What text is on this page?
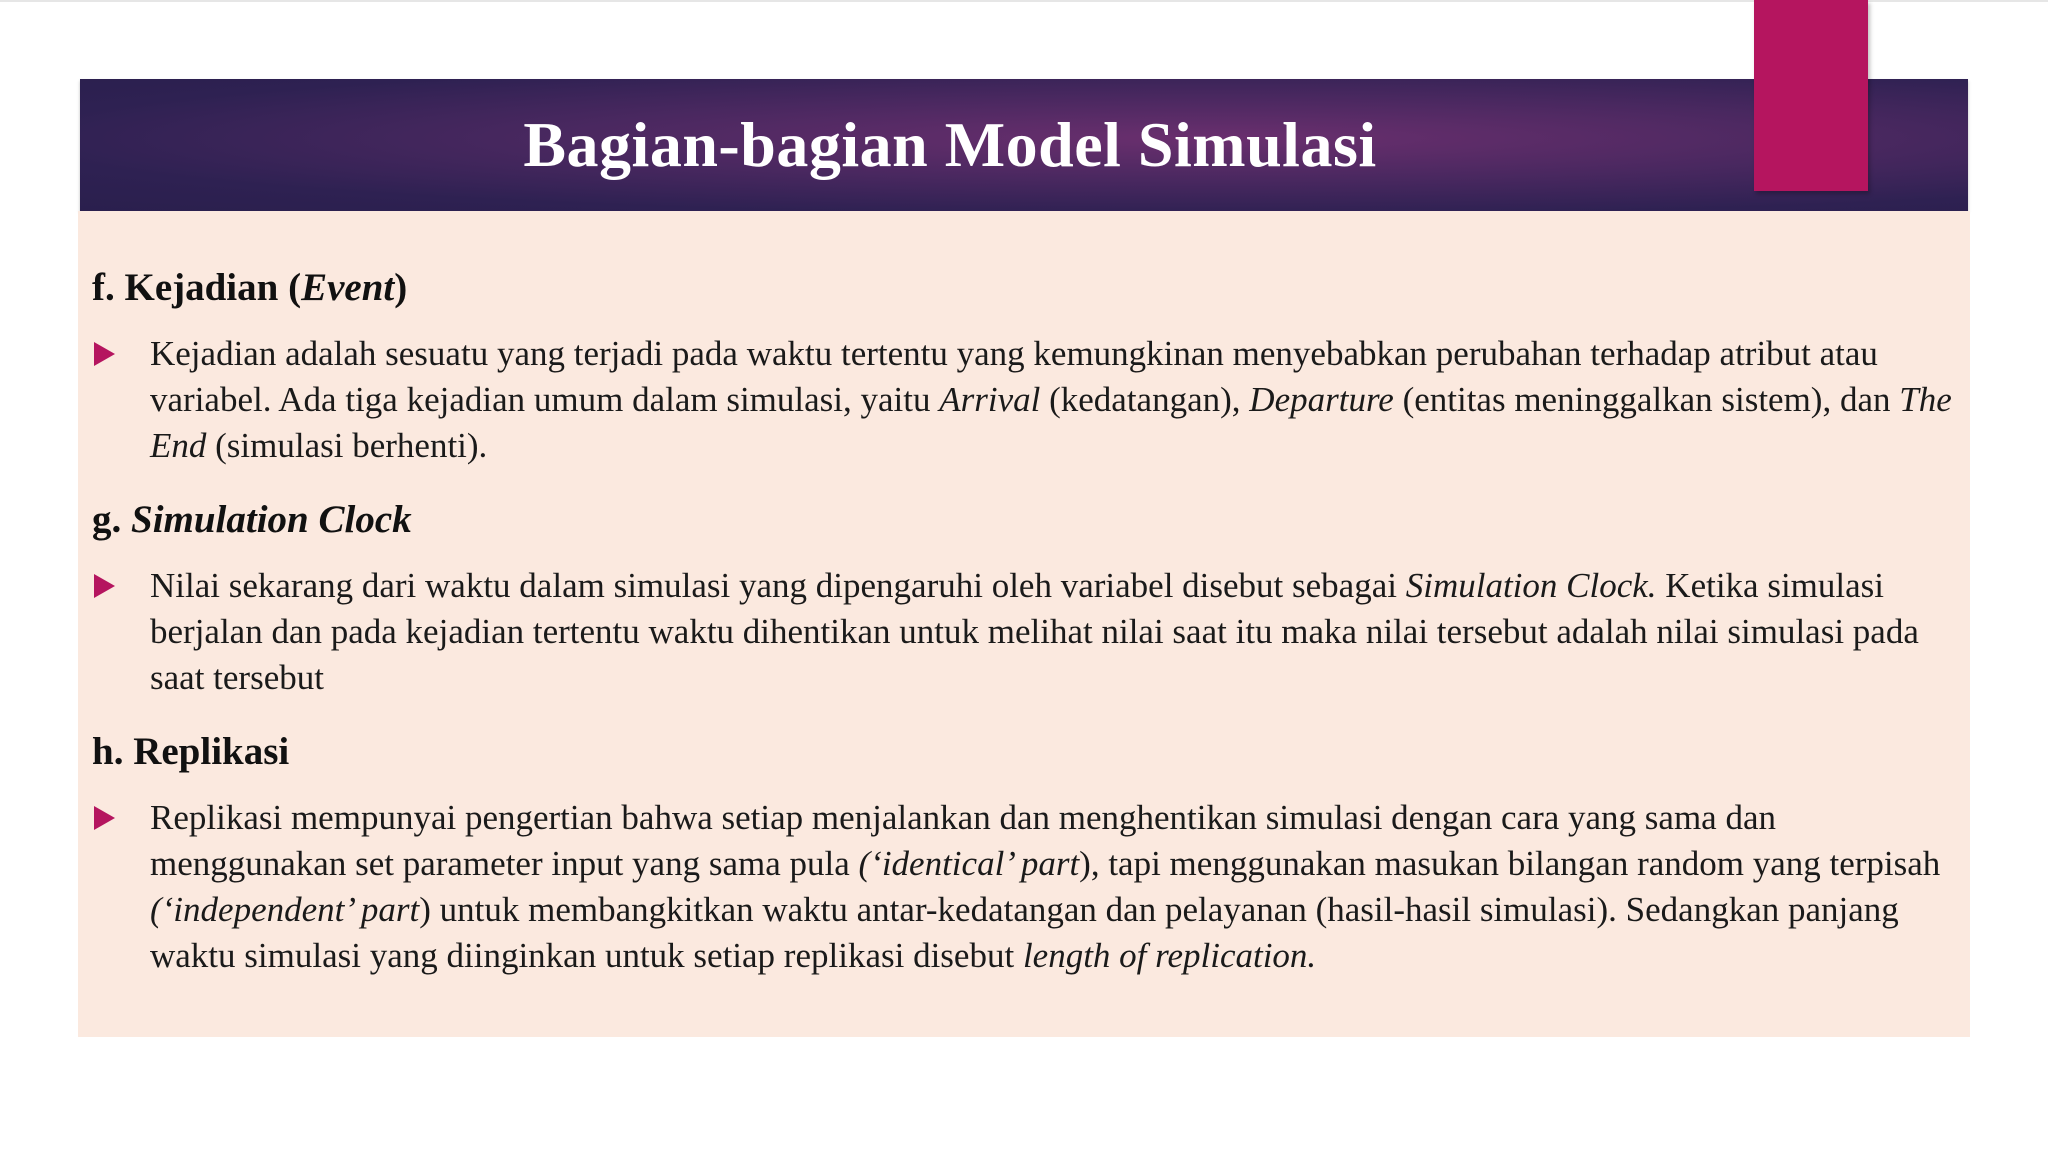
Bagian-bagian Model Simulasi
f. Kejadian (Event)
Kejadian adalah sesuatu yang terjadi pada waktu tertentu yang kemungkinan menyebabkan perubahan terhadap atribut atau variabel. Ada tiga kejadian umum dalam simulasi, yaitu Arrival (kedatangan), Departure (entitas meninggalkan sistem), dan The End (simulasi berhenti).
g. Simulation Clock
Nilai sekarang dari waktu dalam simulasi yang dipengaruhi oleh variabel disebut sebagai Simulation Clock. Ketika simulasi berjalan dan pada kejadian tertentu waktu dihentikan untuk melihat nilai saat itu maka nilai tersebut adalah nilai simulasi pada saat tersebut
h. Replikasi
Replikasi mempunyai pengertian bahwa setiap menjalankan dan menghentikan simulasi dengan cara yang sama dan menggunakan set parameter input yang sama pula (‘identical’ part), tapi menggunakan masukan bilangan random yang terpisah (‘independent’ part) untuk membangkitkan waktu antar-kedatangan dan pelayanan (hasil-hasil simulasi). Sedangkan panjang waktu simulasi yang diinginkan untuk setiap replikasi disebut length of replication.
